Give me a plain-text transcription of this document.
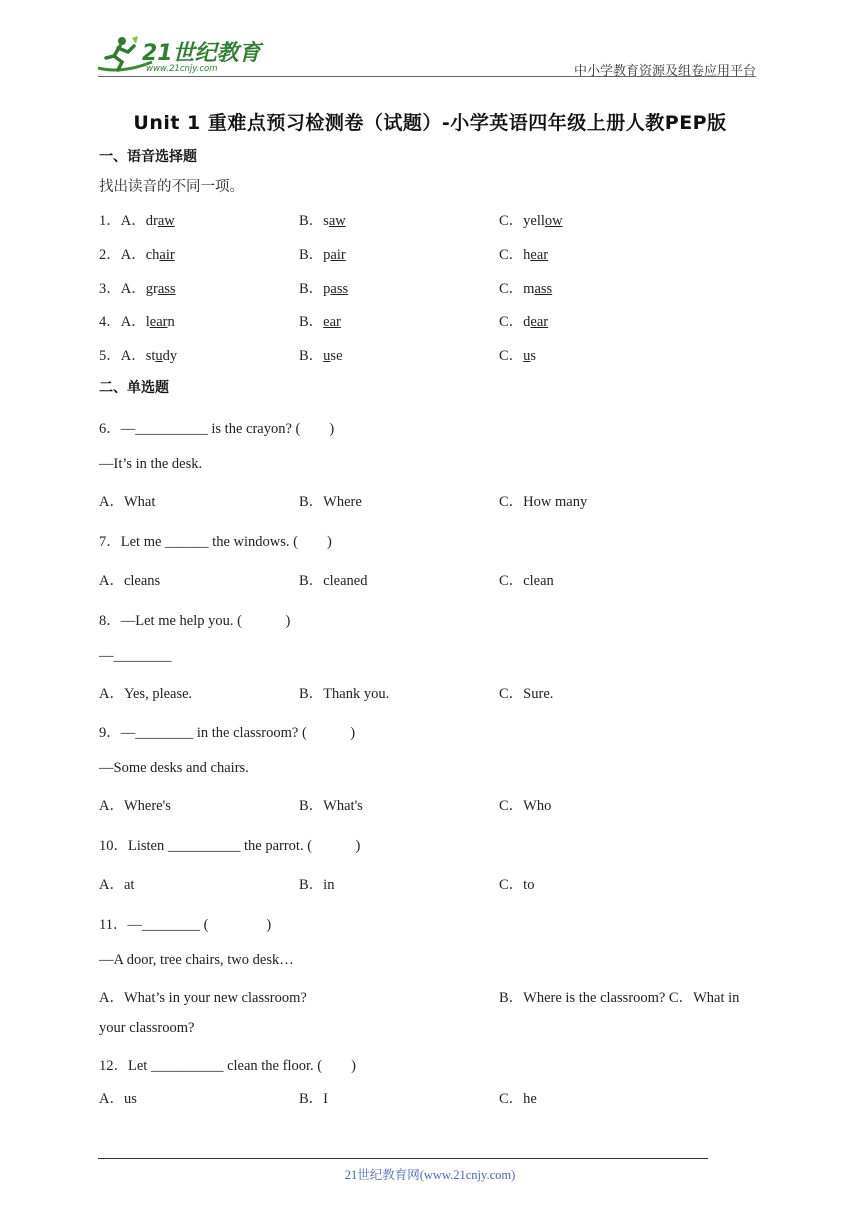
21世纪教育
www.21cnjy.com	中小学教育资源及组卷应用平台
Unit 1 重难点预习检测卷（试题）-小学英语四年级上册人教PEP版
一、语音选择题
找出读音的不同一项。
1．A．draw	B．saw	C．yellow
2．A．chair	B．pair	C．hear
3．A．grass	B．pass	C．mass
4．A．learn	B．ear	C．dear
5．A．study	B．use	C．us
二、单选题
6．—__________ is the crayon? (　　)
—It’s in the desk.
A．What	B．Where	C．How many
7．Let me ______ the windows. (　　)
A．cleans	B．cleaned	C．clean
8．—Let me help you. (　　　)
—________
A．Yes, please.	B．Thank you.	C．Sure.
9．—________ in the classroom? (　　　)
—Some desks and chairs.
A．Where's	B．What's	C．Who
10．Listen __________ the parrot. (　　　)
A．at	B．in	C．to
11．—________ (　　　　)
—A door, tree chairs, two desk…
A．What’s in your new classroom?	B．Where is the classroom? C．What in
your classroom?
12．Let __________ clean the floor. (　　)
A．us	B．I	C．he
21世纪教育网(www.21cnjy.com)
